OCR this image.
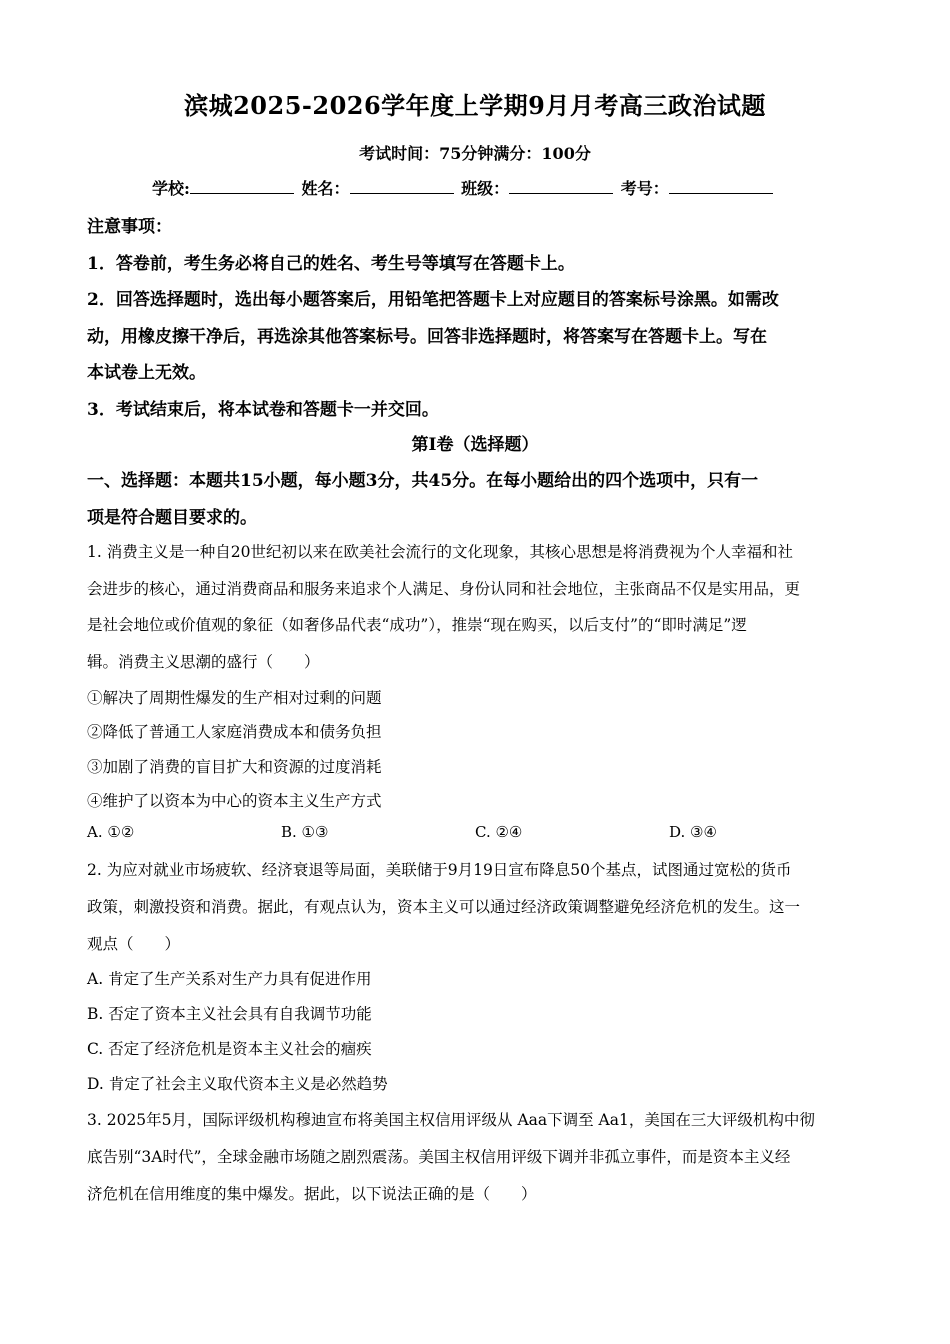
滨城2025-2026学年度上学期9月月考高三政治试题
考试时间：75分钟满分：100分
学校:	姓名：	班级：	考号：
注意事项：
1．答卷前，考生务必将自己的姓名、考生号等填写在答题卡上。
2．回答选择题时，选出每小题答案后，用铅笔把答题卡上对应题目的答案标号涂黑。如需改
动，用橡皮擦干净后，再选涂其他答案标号。回答非选择题时，将答案写在答题卡上。写在
本试卷上无效。
3．考试结束后，将本试卷和答题卡一并交回。
第Ⅰ卷（选择题）
一、选择题：本题共15小题，每小题3分，共45分。在每小题给出的四个选项中，只有一
项是符合题目要求的。
1. 消费主义是一种自20世纪初以来在欧美社会流行的文化现象，其核心思想是将消费视为个人幸福和社
会进步的核心，通过消费商品和服务来追求个人满足、身份认同和社会地位，主张商品不仅是实用品，更
是社会地位或价值观的象征（如奢侈品代表“成功”），推崇“现在购买，以后支付”的“即时满足”逻
辑。消费主义思潮的盛行（　　）
①解决了周期性爆发的生产相对过剩的问题
②降低了普通工人家庭消费成本和债务负担
③加剧了消费的盲目扩大和资源的过度消耗
④维护了以资本为中心的资本主义生产方式
A. ①②	B. ①③	C. ②④	D. ③④
2. 为应对就业市场疲软、经济衰退等局面，美联储于9月19日宣布降息50个基点，试图通过宽松的货币
政策，刺激投资和消费。据此，有观点认为，资本主义可以通过经济政策调整避免经济危机的发生。这一
观点（　　）
A. 肯定了生产关系对生产力具有促进作用
B. 否定了资本主义社会具有自我调节功能
C. 否定了经济危机是资本主义社会的痼疾
D. 肯定了社会主义取代资本主义是必然趋势
3. 2025年5月，国际评级机构穆迪宣布将美国主权信用评级从 Aaa下调至 Aa1，美国在三大评级机构中彻
底告别“3A时代”，全球金融市场随之剧烈震荡。美国主权信用评级下调并非孤立事件，而是资本主义经
济危机在信用维度的集中爆发。据此，以下说法正确的是（　　）
